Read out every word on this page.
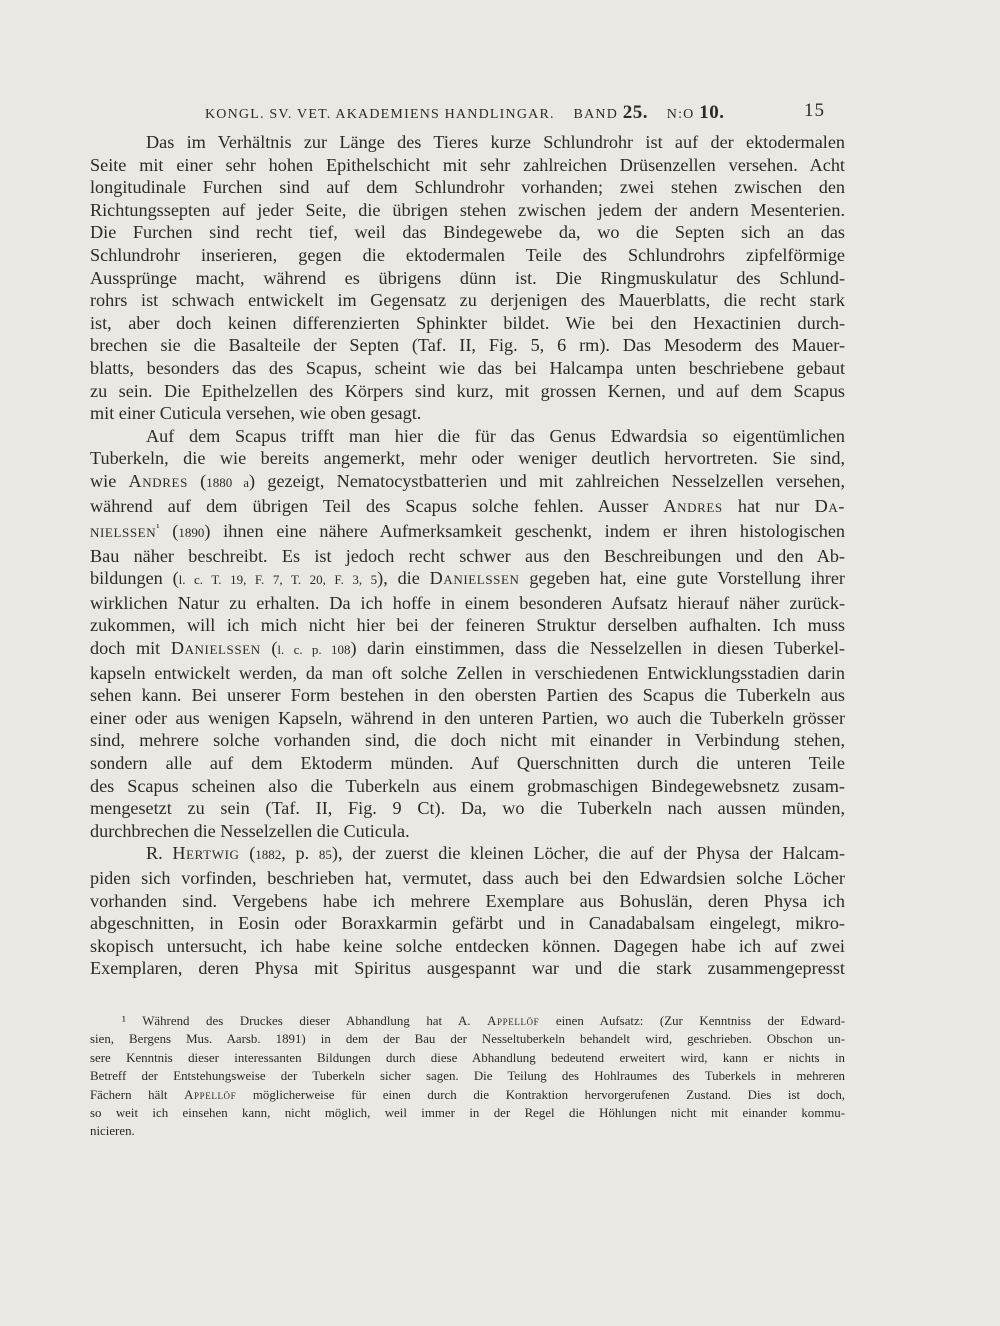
KONGL. SV. VET. AKADEMIENS HANDLINGAR. BAND 25. N:O 10.	15
Das im Verhältnis zur Länge des Tieres kurze Schlundrohr ist auf der ektodermalen
Seite mit einer sehr hohen Epithelschicht mit sehr zahlreichen Drüsenzellen versehen. Acht
longitudinale Furchen sind auf dem Schlundrohr vorhanden; zwei stehen zwischen den
Richtungssepten auf jeder Seite, die übrigen stehen zwischen jedem der andern Mesenterien.
Die Furchen sind recht tief, weil das Bindegewebe da, wo die Septen sich an das
Schlundrohr inserieren, gegen die ektodermalen Teile des Schlundrohrs zipfelförmige
Aussprünge macht, während es übrigens dünn ist. Die Ringmuskulatur des Schlund-
rohrs ist schwach entwickelt im Gegensatz zu derjenigen des Mauerblatts, die recht stark
ist, aber doch keinen differenzierten Sphinkter bildet. Wie bei den Hexactinien durch-
brechen sie die Basalteile der Septen (Taf. II, Fig. 5, 6 rm). Das Mesoderm des Mauer-
blatts, besonders das des Scapus, scheint wie das bei Halcampa unten beschriebene gebaut
zu sein. Die Epithelzellen des Körpers sind kurz, mit grossen Kernen, und auf dem Scapus
mit einer Cuticula versehen, wie oben gesagt.
Auf dem Scapus trifft man hier die für das Genus Edwardsia so eigentümlichen
Tuberkeln, die wie bereits angemerkt, mehr oder weniger deutlich hervortreten. Sie sind,
wie Andres (1880 a) gezeigt, Nematocystbatterien und mit zahlreichen Nesselzellen versehen,
während auf dem übrigen Teil des Scapus solche fehlen. Ausser Andres hat nur Da-
nielssen$^{^1}$ (1890) ihnen eine nähere Aufmerksamkeit geschenkt, indem er ihren histologischen
Bau näher beschreibt. Es ist jedoch recht schwer aus den Beschreibungen und den Ab-
bildungen (l. c. T. 19, F. 7, T. 20, F. 3, 5), die Danielssen gegeben hat, eine gute Vorstellung ihrer
wirklichen Natur zu erhalten. Da ich hoffe in einem besonderen Aufsatz hierauf näher zurück-
zukommen, will ich mich nicht hier bei der feineren Struktur derselben aufhalten. Ich muss
doch mit Danielssen (l. c. p. 108) darin einstimmen, dass die Nesselzellen in diesen Tuberkel-
kapseln entwickelt werden, da man oft solche Zellen in verschiedenen Entwicklungsstadien darin
sehen kann. Bei unserer Form bestehen in den obersten Partien des Scapus die Tuberkeln aus
einer oder aus wenigen Kapseln, während in den unteren Partien, wo auch die Tuberkeln grösser
sind, mehrere solche vorhanden sind, die doch nicht mit einander in Verbindung stehen,
sondern alle auf dem Ektoderm münden. Auf Querschnitten durch die unteren Teile
des Scapus scheinen also die Tuberkeln aus einem grobmaschigen Bindegewebsnetz zusam-
mengesetzt zu sein (Taf. II, Fig. 9 Ct). Da, wo die Tuberkeln nach aussen münden,
durchbrechen die Nesselzellen die Cuticula.
R. Hertwig (1882, p. 85), der zuerst die kleinen Löcher, die auf der Physa der Halcam-
piden sich vorfinden, beschrieben hat, vermutet, dass auch bei den Edwardsien solche Löcher
vorhanden sind. Vergebens habe ich mehrere Exemplare aus Bohuslän, deren Physa ich
abgeschnitten, in Eosin oder Boraxkarmin gefärbt und in Canadabalsam eingelegt, mikro-
skopisch untersucht, ich habe keine solche entdecken können. Dagegen habe ich auf zwei
Exemplaren, deren Physa mit Spiritus ausgespannt war und die stark zusammengepresst
¹ Während des Druckes dieser Abhandlung hat A. Appellöf einen Aufsatz: (Zur Kenntniss der Edward-
sien, Bergens Mus. Aarsb. 1891) in dem der Bau der Nesseltuberkeln behandelt wird, geschrieben. Obschon un-
sere Kenntnis dieser interessanten Bildungen durch diese Abhandlung bedeutend erweitert wird, kann er nichts in
Betreff der Entstehungsweise der Tuberkeln sicher sagen. Die Teilung des Hohlraumes des Tuberkels in mehreren
Fächern hält Appellöf möglicherweise für einen durch die Kontraktion hervorgerufenen Zustand. Dies ist doch,
so weit ich einsehen kann, nicht möglich, weil immer in der Regel die Höhlungen nicht mit einander kommu-
nicieren.
